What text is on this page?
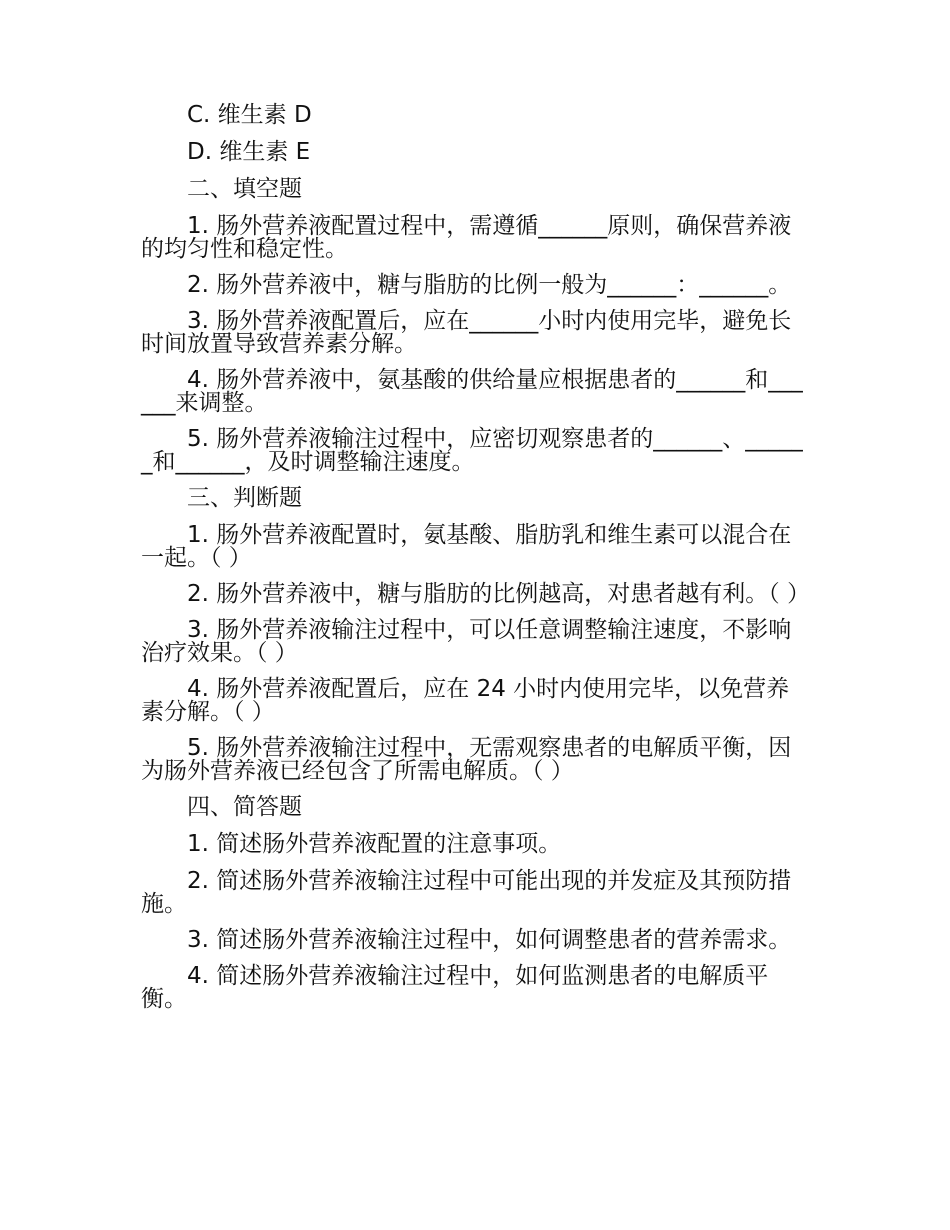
C. 维生素 D

D. 维生素 E

二、填空题

1. 肠外营养液配置过程中，需遵循______原则，确保营养液的均匀性和稳定性。

2. 肠外营养液中，糖与脂肪的比例一般为______：______。

3. 肠外营养液配置后，应在______小时内使用完毕，避免长时间放置导致营养素分解。

4. 肠外营养液中，氨基酸的供给量应根据患者的______和______来调整。

5. 肠外营养液输注过程中，应密切观察患者的______、______和______，及时调整输注速度。

三、判断题

1. 肠外营养液配置时，氨基酸、脂肪乳和维生素可以混合在一起。（ ）

2. 肠外营养液中，糖与脂肪的比例越高，对患者越有利。（ ）

3. 肠外营养液输注过程中，可以任意调整输注速度，不影响治疗效果。（ ）

4. 肠外营养液配置后，应在 24 小时内使用完毕，以免营养素分解。（ ）

5. 肠外营养液输注过程中，无需观察患者的电解质平衡，因为肠外营养液已经包含了所需电解质。（ ）

四、简答题

1. 简述肠外营养液配置的注意事项。

2. 简述肠外营养液输注过程中可能出现的并发症及其预防措施。

3. 简述肠外营养液输注过程中，如何调整患者的营养需求。

4. 简述肠外营养液输注过程中，如何监测患者的电解质平衡。
